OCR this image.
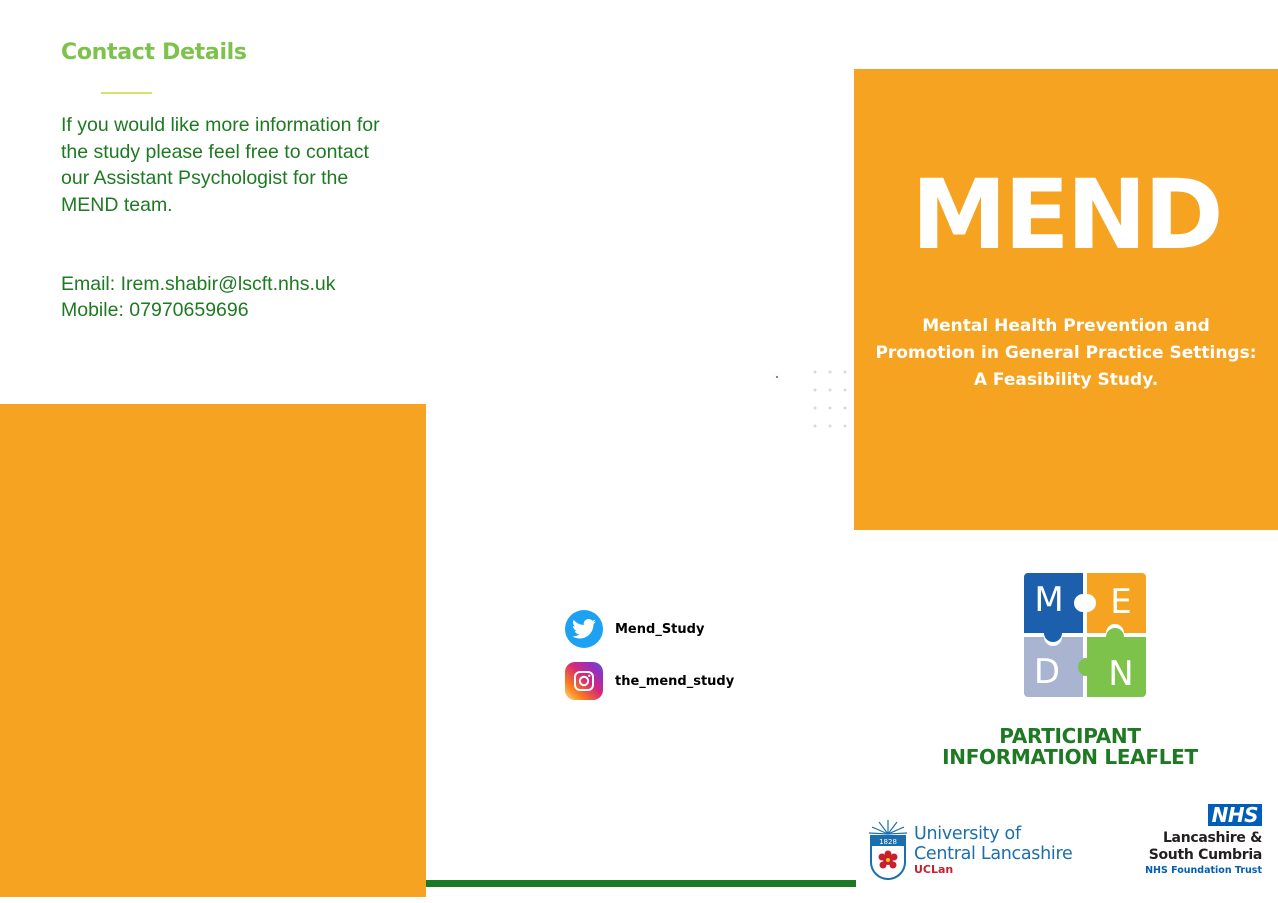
Contact Details

If you would like more information for the study please feel free to contact our Assistant Psychologist for the MEND team.

Email: Irem.shabir@lscft.nhs.uk

Mobile: 07970659696

Mend_Study
the_mend_study
MEND

Mental Health Prevention and
Promotion in General Practice Settings:
A Feasibility Study.

M E
D N
PARTICIPANT
INFORMATION LEAFLET
1828 University of
Central Lancashire
UCLan
NHS
Lancashire &
South Cumbria
NHS Foundation Trust
